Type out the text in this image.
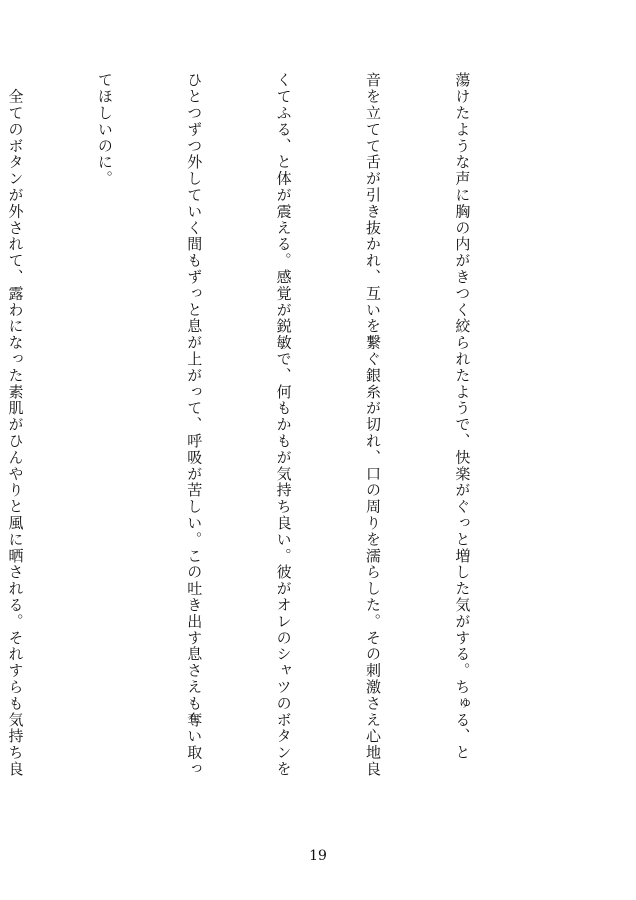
蕩けたような声に胸の内がきつく絞られたようで、快楽がぐっと増した気がする。ちゅる、と

音を立てて舌が引き抜かれ、互いを繋ぐ銀糸が切れ、口の周りを濡らした。その刺激さえ心地良

くてふる、と体が震える。感覚が鋭敏で、何もかもが気持ち良い。彼がオレのシャツのボタンを

ひとつずつ外していく間もずっと息が上がって、呼吸が苦しい。この吐き出す息さえも奪い取っ

てほしいのに。

　全てのボタンが外されて、露わになった素肌がひんやりと風に晒される。それすらも気持ち良

19
